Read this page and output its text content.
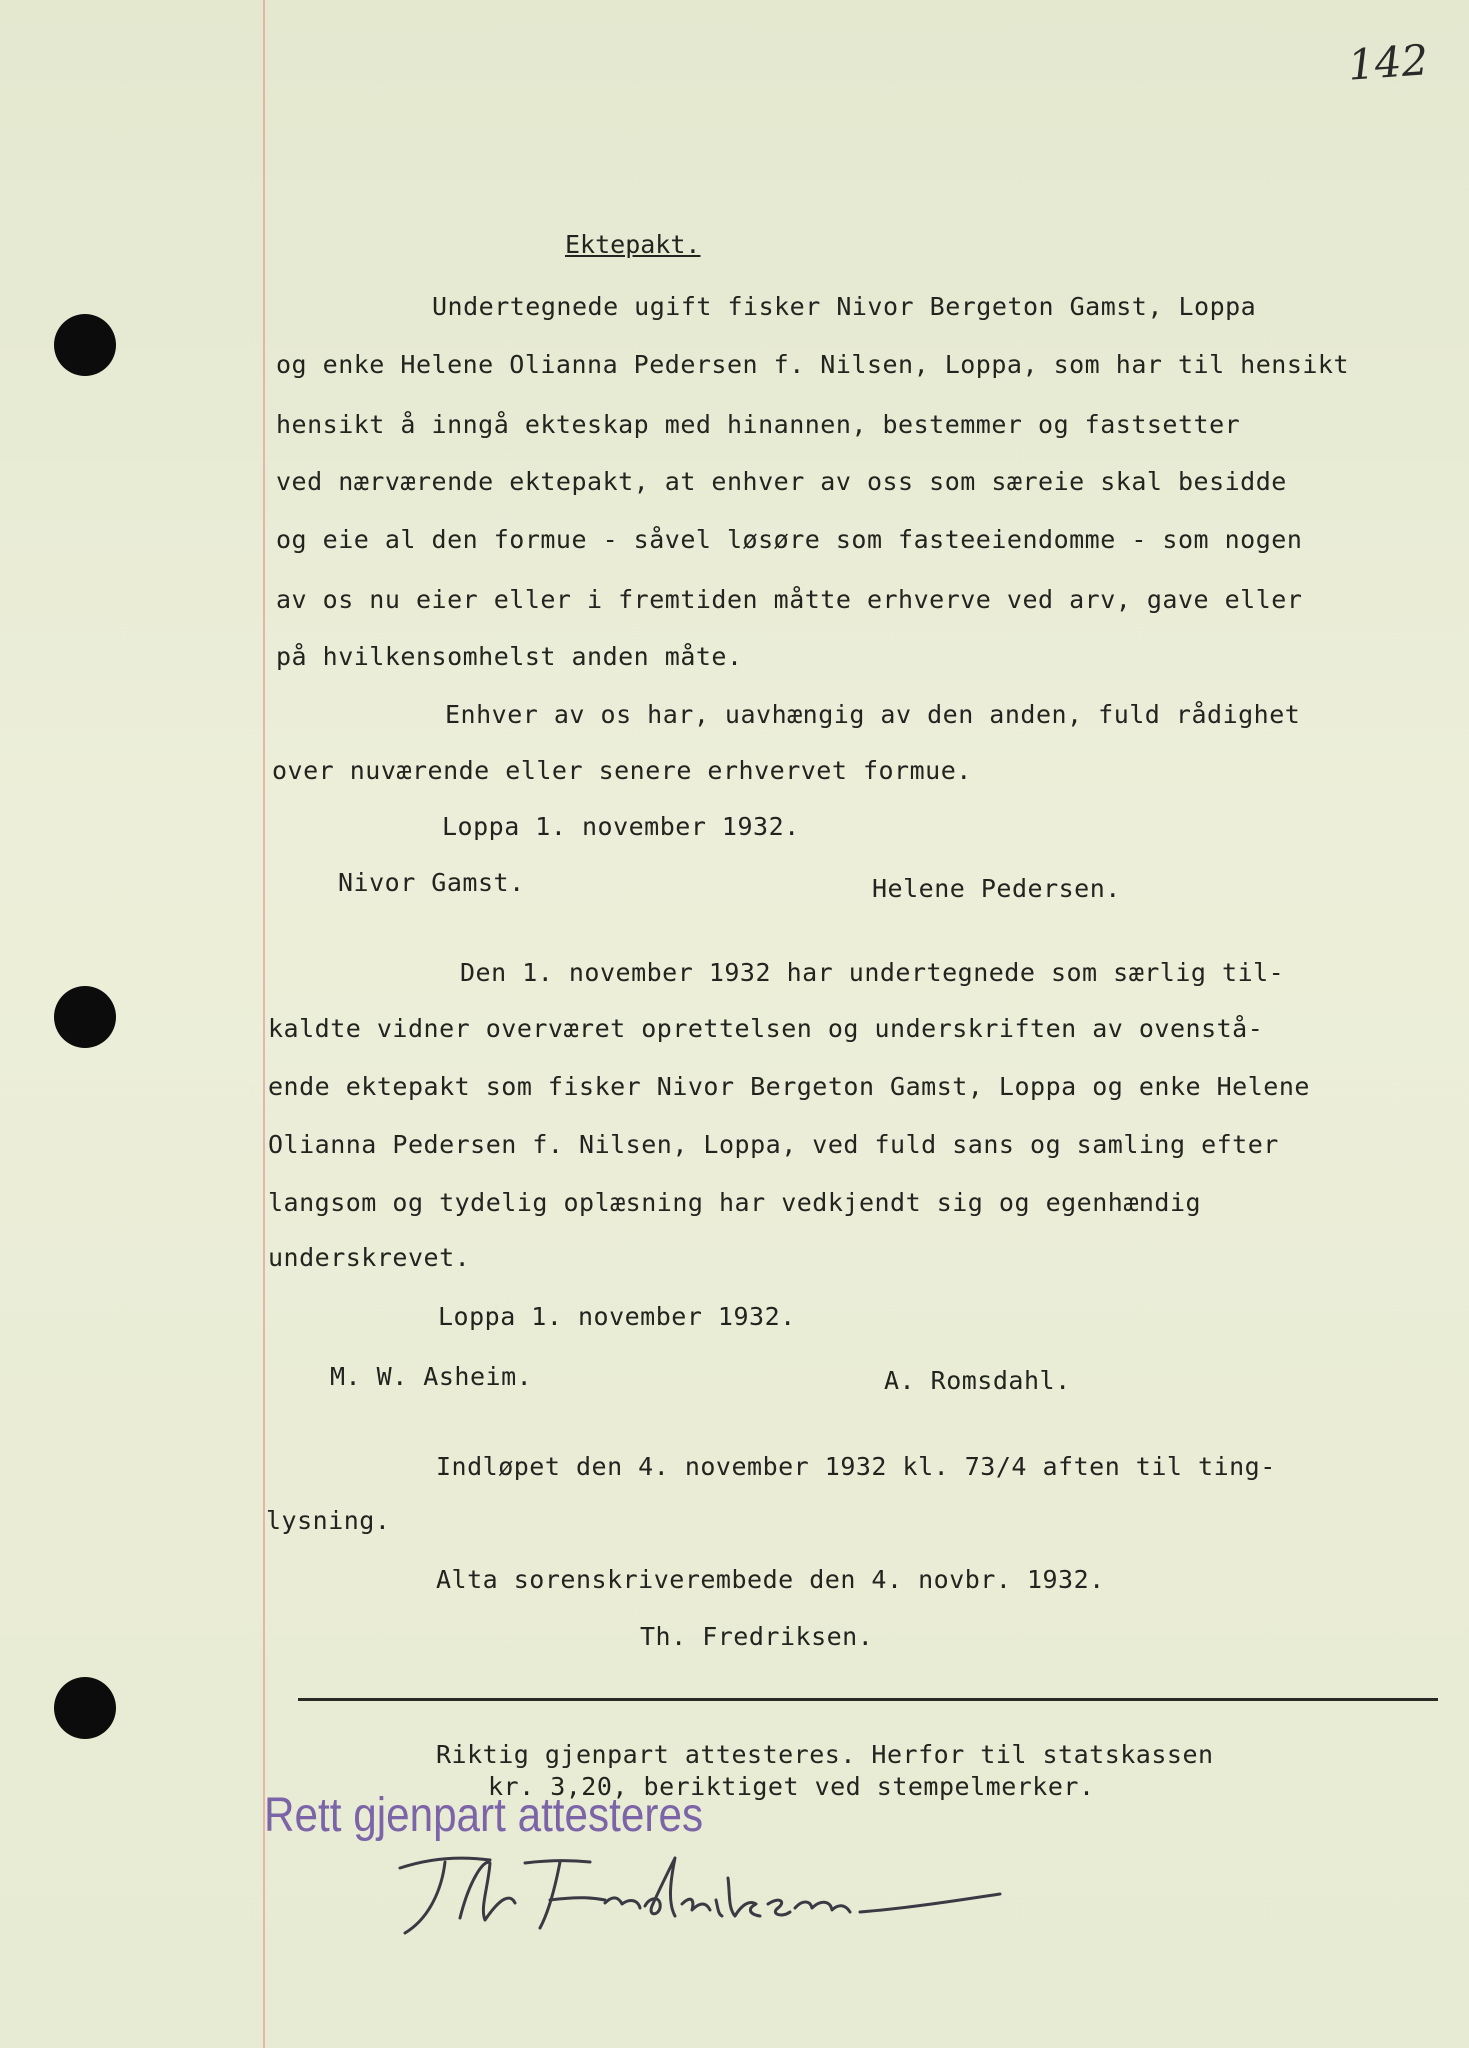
142
Ektepakt.
Undertegnede ugift fisker Nivor Bergeton Gamst, Loppa
og enke Helene Olianna Pedersen f. Nilsen, Loppa, som har til hensikt
hensikt å inngå ekteskap med hinannen, bestemmer og fastsetter
ved nærværende ektepakt, at enhver av oss som særeie skal besidde
og eie al den formue - såvel løsøre som fasteeiendomme - som nogen
av os nu eier eller i fremtiden måtte erhverve ved arv, gave eller
på hvilkensomhelst anden måte.
Enhver av os har, uavhængig av den anden, fuld rådighet
over nuværende eller senere erhvervet formue.
Loppa 1. november 1932.
Nivor Gamst.	Helene Pedersen.
Den 1. november 1932 har undertegnede som særlig til-
kaldte vidner overværet oprettelsen og underskriften av ovenstå-
ende ektepakt som fisker Nivor Bergeton Gamst, Loppa og enke Helene
Olianna Pedersen f. Nilsen, Loppa, ved fuld sans og samling efter
langsom og tydelig oplæsning har vedkjendt sig og egenhændig
underskrevet.
Loppa 1. november 1932.
M. W. Asheim.	A. Romsdahl.
Indløpet den 4. november 1932 kl. 73/4 aften til ting-
lysning.
Alta sorenskriverembede den 4. novbr. 1932.
Th. Fredriksen.
Riktig gjenpart attesteres. Herfor til statskassen
kr. 3,20, beriktiget ved stempelmerker.
Rett gjenpart attesteres
